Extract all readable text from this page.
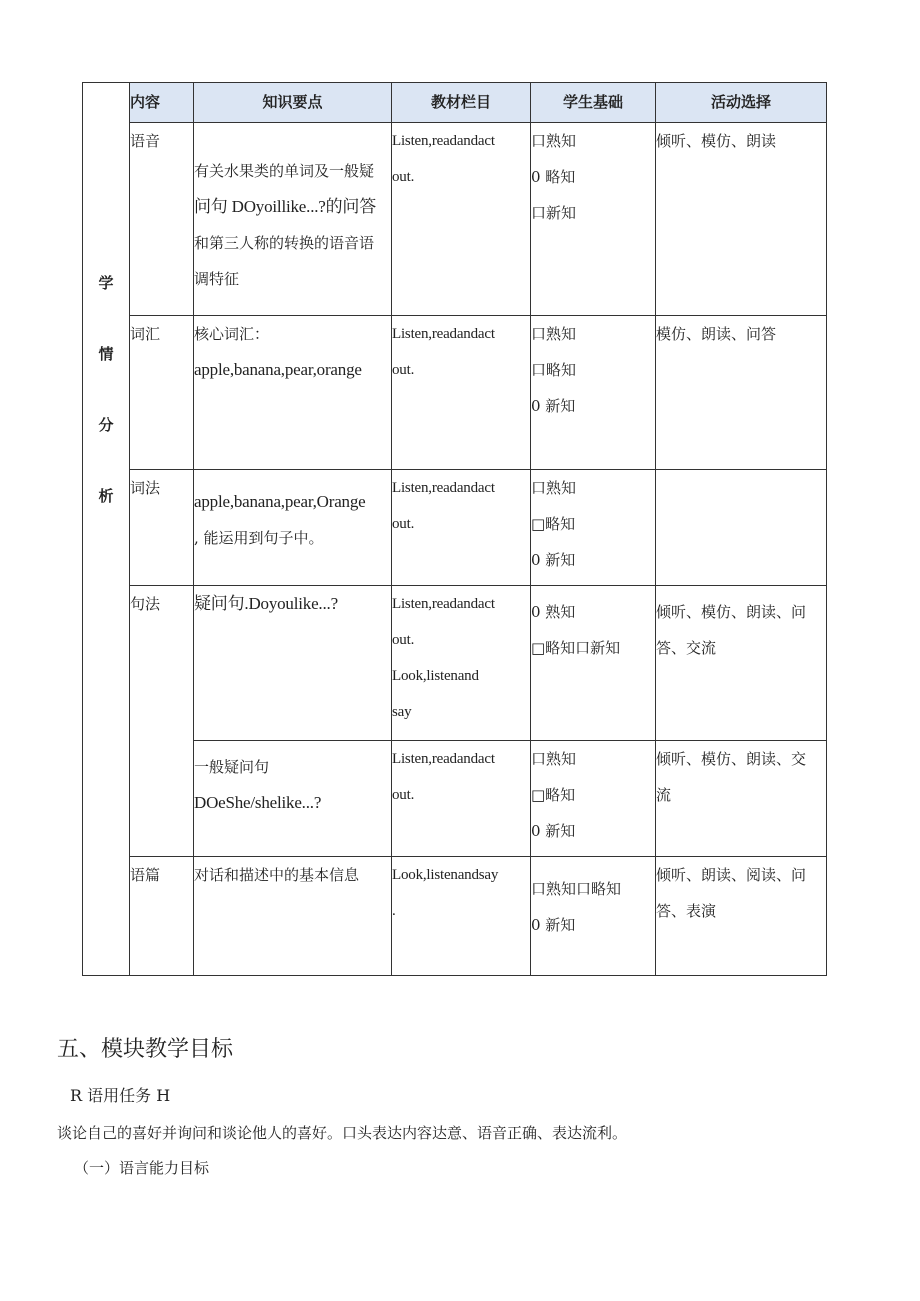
学
情
分
析	内容	知识要点	教材栏目	学生基础	活动选择
	语音	有关水果类的单词及一般疑
问句 DOyoillike...?的问答
和第三人称的转换的语音语
调特征	Listen,readandact
out.	口熟知
0 略知
口新知	倾听、模仿、朗读

	词汇	核心词汇：
apple,banana,pear,orange	Listen,readandact
out.	口熟知
口略知
0 新知	模仿、朗读、问答

	词法	apple,banana,pear,Orange
, 能运用到句子中。	Listen,readandact
out.	口熟知
□略知
0 新知	

	句法	疑问句.Doyoulike...?	Listen,readandact
out.
Look,listenand
say	0 熟知
□略知口新知	倾听、模仿、朗读、问
答、交流

		一般疑问句
DOeShe/shelike...?	Listen,readandact
out.	口熟知
□略知
0 新知	倾听、模仿、朗读、交
流

	语篇	对话和描述中的基本信息	Look,listenandsay
.	口熟知口略知
0 新知	倾听、朗读、阅读、问
答、表演
五、模块教学目标

R 语用任务 H

谈论自己的喜好并询问和谈论他人的喜好。口头表达内容达意、语音正确、表达流利。

（一）语言能力目标
